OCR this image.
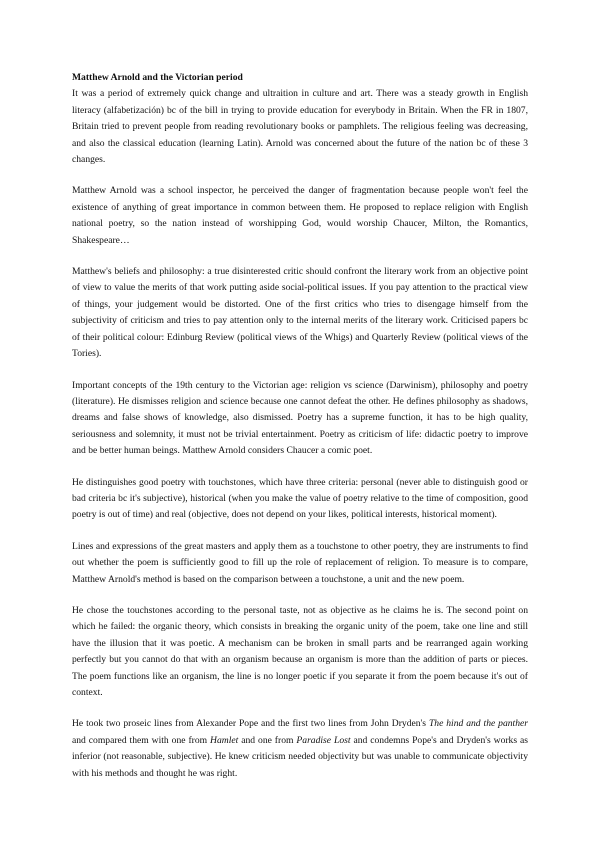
Matthew Arnold and the Victorian period

It was a period of extremely quick change and ultraition in culture and art. There was a steady growth in English literacy (alfabetización) bc of the bill in trying to provide education for everybody in Britain. When the FR in 1807, Britain tried to prevent people from reading revolutionary books or pamphlets. The religious feeling was decreasing, and also the classical education (learning Latin). Arnold was concerned about the future of the nation bc of these 3 changes.

Matthew Arnold was a school inspector, he perceived the danger of fragmentation because people won't feel the existence of anything of great importance in common between them. He proposed to replace religion with English national poetry, so the nation instead of worshipping God, would worship Chaucer, Milton, the Romantics, Shakespeare…

Matthew's beliefs and philosophy: a true disinterested critic should confront the literary work from an objective point of view to value the merits of that work putting aside social-political issues. If you pay attention to the practical view of things, your judgement would be distorted. One of the first critics who tries to disengage himself from the subjectivity of criticism and tries to pay attention only to the internal merits of the literary work. Criticised papers bc of their political colour: Edinburg Review (political views of the Whigs) and Quarterly Review (political views of the Tories).

Important concepts of the 19th century to the Victorian age: religion vs science (Darwinism), philosophy and poetry (literature). He dismisses religion and science because one cannot defeat the other. He defines philosophy as shadows, dreams and false shows of knowledge, also dismissed. Poetry has a supreme function, it has to be high quality, seriousness and solemnity, it must not be trivial entertainment. Poetry as criticism of life: didactic poetry to improve and be better human beings. Matthew Arnold considers Chaucer a comic poet.

He distinguishes good poetry with touchstones, which have three criteria: personal (never able to distinguish good or bad criteria bc it's subjective), historical (when you make the value of poetry relative to the time of composition, good poetry is out of time) and real (objective, does not depend on your likes, political interests, historical moment).

Lines and expressions of the great masters and apply them as a touchstone to other poetry, they are instruments to find out whether the poem is sufficiently good to fill up the role of replacement of religion. To measure is to compare, Matthew Arnold's method is based on the comparison between a touchstone, a unit and the new poem.

He chose the touchstones according to the personal taste, not as objective as he claims he is. The second point on which he failed: the organic theory, which consists in breaking the organic unity of the poem, take one line and still have the illusion that it was poetic. A mechanism can be broken in small parts and be rearranged again working perfectly but you cannot do that with an organism because an organism is more than the addition of parts or pieces. The poem functions like an organism, the line is no longer poetic if you separate it from the poem because it's out of context.

He took two proseic lines from Alexander Pope and the first two lines from John Dryden's The hind and the panther and compared them with one from Hamlet and one from Paradise Lost and condemns Pope's and Dryden's works as inferior (not reasonable, subjective). He knew criticism needed objectivity but was unable to communicate objectivity with his methods and thought he was right.
